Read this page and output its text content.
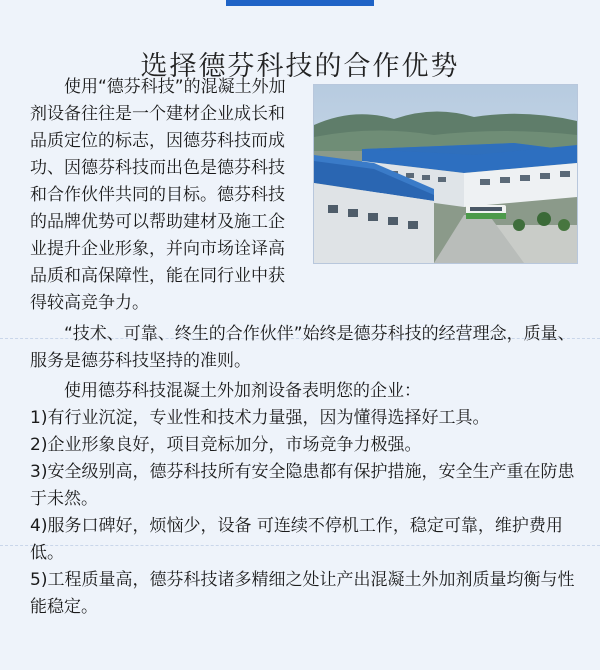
选择德芬科技的合作优势

使用“德芬科技”的混凝土外加剂设备往往是一个建材企业成长和品质定位的标志，因德芬科技而成功、因德芬科技而出色是德芬科技和合作伙伴共同的目标。德芬科技的品牌优势可以帮助建材及施工企业提升企业形象，并向市场诠译高品质和高保障性，能在同行业中获得较高竞争力。

“技术、可靠、终生的合作伙伴”始终是德芬科技的经营理念，质量、服务是德芬科技坚持的准则。

使用德芬科技混凝土外加剂设备表明您的企业：

1)有行业沉淀，专业性和技术力量强，因为懂得选择好工具。

2)企业形象良好，项目竞标加分，市场竞争力极强。

3)安全级别高，德芬科技所有安全隐患都有保护措施，安全生产重在防患于未然。

4)服务口碑好，烦恼少，设备 可连续不停机工作，稳定可靠，维护费用低。

5)工程质量高，德芬科技诸多精细之处让产出混凝土外加剂质量均衡与性能稳定。
